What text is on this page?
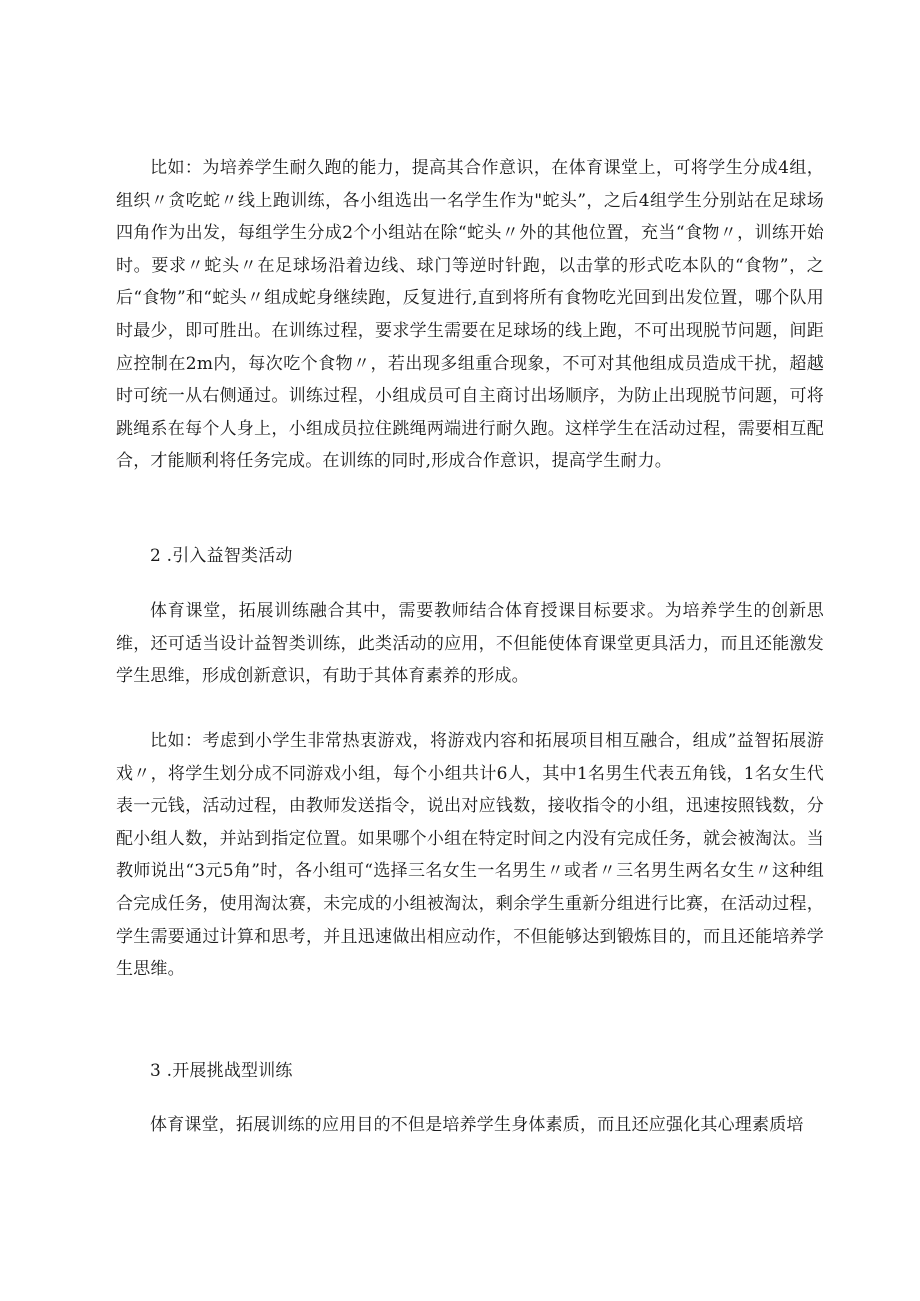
比如：为培养学生耐久跑的能力，提高其合作意识，在体育课堂上，可将学生分成4组，组织〃贪吃蛇〃线上跑训练，各小组选出一名学生作为"蛇头”，之后4组学生分别站在足球场四角作为出发，每组学生分成2个小组站在除“蛇头〃外的其他位置，充当“食物〃，训练开始时。要求〃蛇头〃在足球场沿着边线、球门等逆时针跑，以击掌的形式吃本队的“食物”，之后“食物”和“蛇头〃组成蛇身继续跑，反复进行,直到将所有食物吃光回到出发位置，哪个队用时最少，即可胜出。在训练过程，要求学生需要在足球场的线上跑，不可出现脱节问题，间距应控制在2m内，每次吃个食物〃，若出现多组重合现象，不可对其他组成员造成干扰，超越时可统一从右侧通过。训练过程，小组成员可自主商讨出场顺序，为防止出现脱节问题，可将跳绳系在每个人身上，小组成员拉住跳绳两端进行耐久跑。这样学生在活动过程，需要相互配合，才能顺利将任务完成。在训练的同时,形成合作意识，提高学生耐力。

2 .引入益智类活动

体育课堂，拓展训练融合其中，需要教师结合体育授课目标要求。为培养学生的创新思维，还可适当设计益智类训练，此类活动的应用，不但能使体育课堂更具活力，而且还能激发学生思维，形成创新意识，有助于其体育素养的形成。

比如：考虑到小学生非常热衷游戏，将游戏内容和拓展项目相互融合，组成”益智拓展游戏〃，将学生划分成不同游戏小组，每个小组共计6人，其中1名男生代表五角钱，1名女生代表一元钱，活动过程，由教师发送指令，说出对应钱数，接收指令的小组，迅速按照钱数，分配小组人数，并站到指定位置。如果哪个小组在特定时间之内没有完成任务，就会被淘汰。当教师说出“3元5角”时，各小组可“选择三名女生一名男生〃或者〃三名男生两名女生〃这种组合完成任务，使用淘汰赛，未完成的小组被淘汰，剩余学生重新分组进行比赛，在活动过程，学生需要通过计算和思考，并且迅速做出相应动作，不但能够达到锻炼目的，而且还能培养学生思维。

3 .开展挑战型训练

体育课堂，拓展训练的应用目的不但是培养学生身体素质，而且还应强化其心理素质培
